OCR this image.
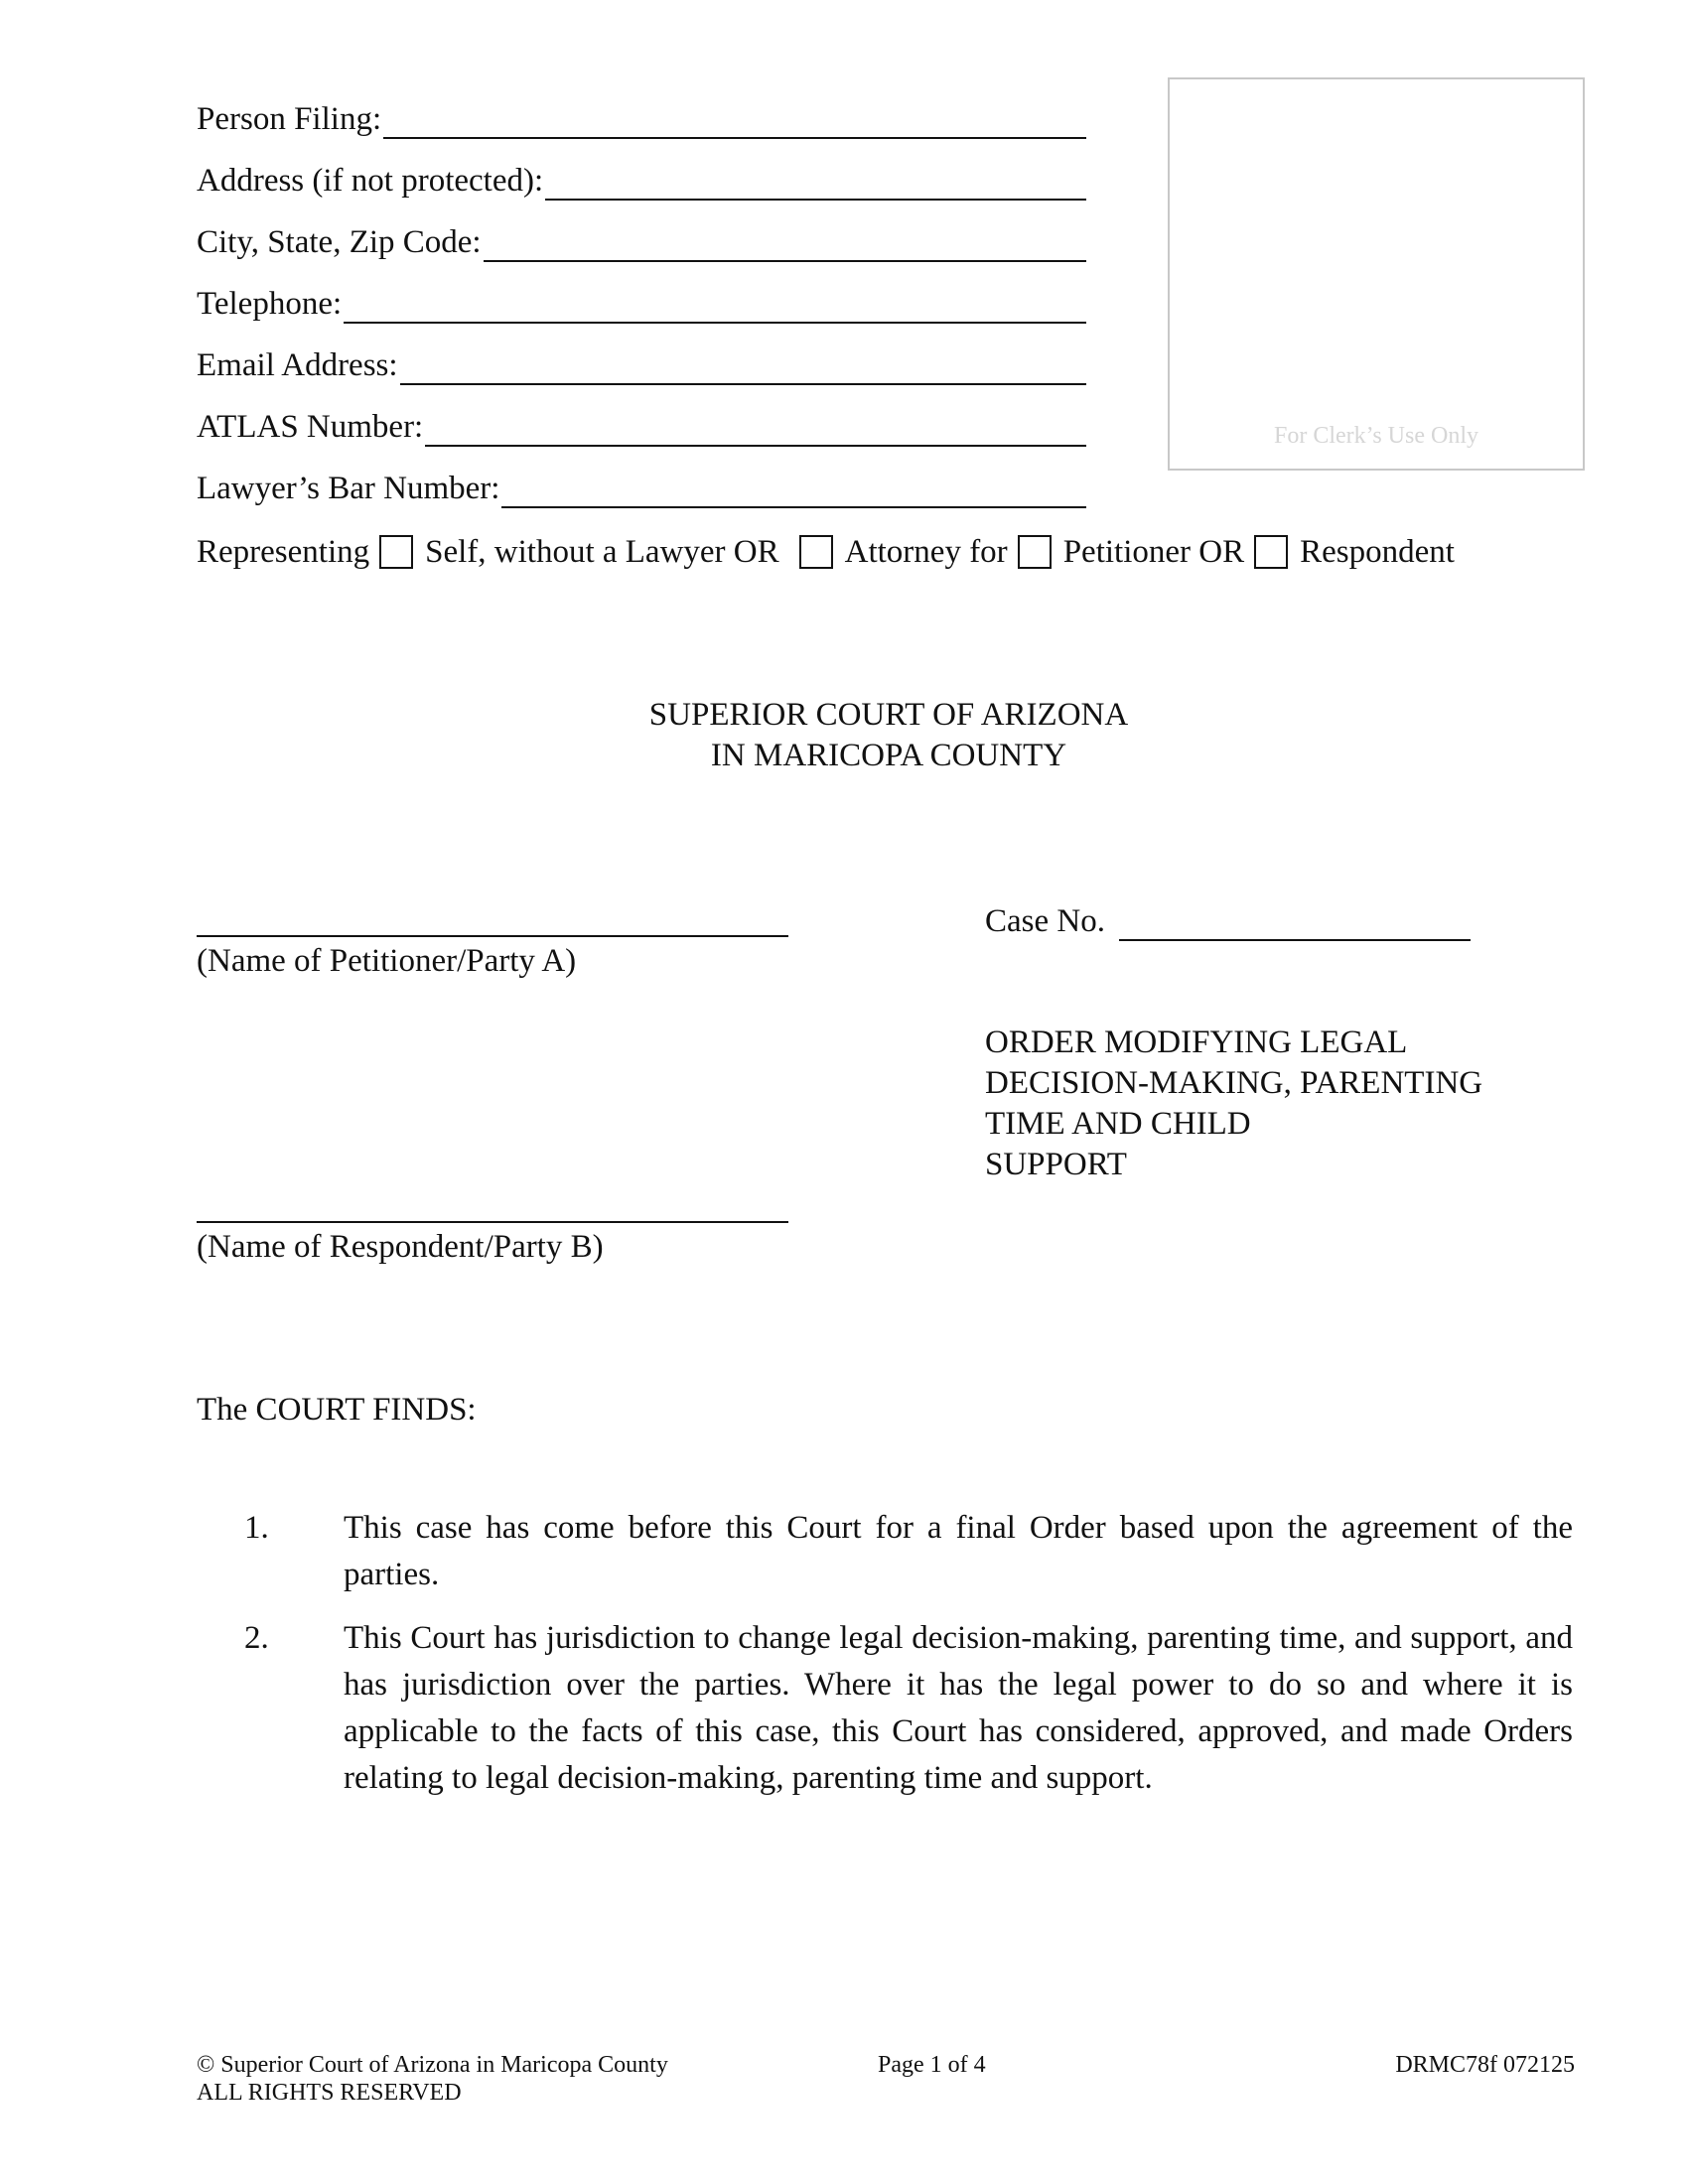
Person Filing:
Address (if not protected):
City, State, Zip Code:
Telephone:
Email Address:
ATLAS Number:
Lawyer’s Bar Number:
For Clerk’s Use Only
Representing Self, without a Lawyer OR Attorney for Petitioner OR Respondent
SUPERIOR COURT OF ARIZONA
IN MARICOPA COUNTY
(Name of Petitioner/Party A)
(Name of Respondent/Party B)
Case No.
ORDER MODIFYING LEGAL
DECISION-MAKING, PARENTING
TIME AND CHILD
SUPPORT
The COURT FINDS:
1. This case has come before this Court for a final Order based upon the agreement of the parties.
2. This Court has jurisdiction to change legal decision-making, parenting time, and support, and has jurisdiction over the parties. Where it has the legal power to do so and where it is applicable to the facts of this case, this Court has considered, approved, and made Orders relating to legal decision-making, parenting time and support.
© Superior Court of Arizona in Maricopa County
ALL RIGHTS RESERVED
Page 1 of 4	DRMC78f 072125
